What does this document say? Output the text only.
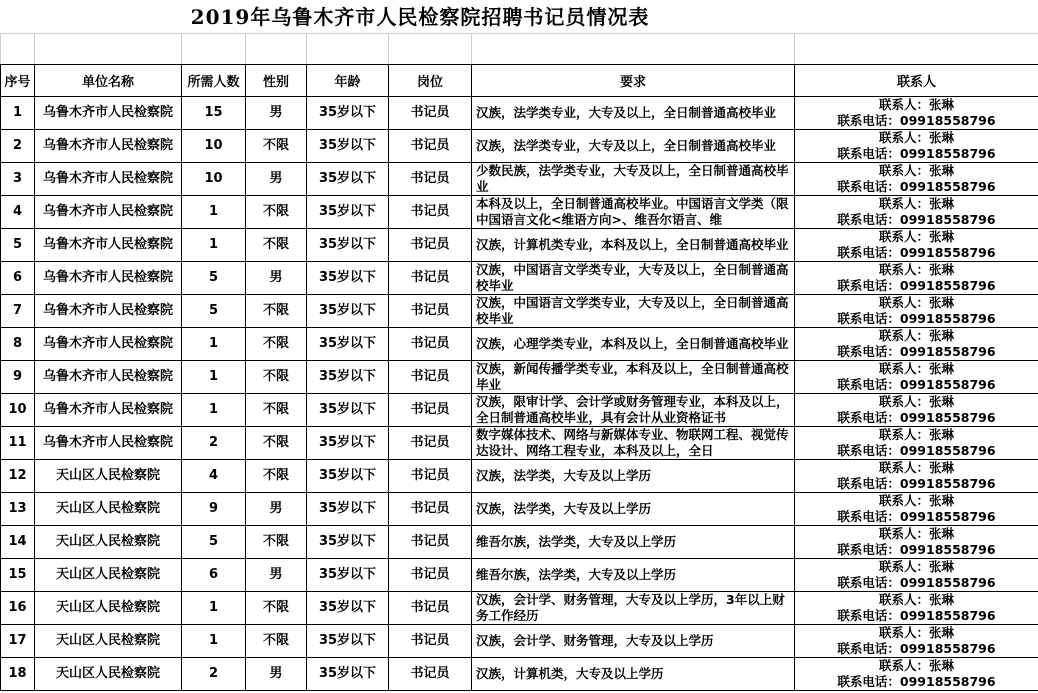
2019年乌鲁木齐市人民检察院招聘书记员情况表

序号	单位名称	所需人数	性别	年龄	岗位	要求	联系人
1	乌鲁木齐市人民检察院	15	男	35岁以下	书记员	汉族，法学类专业，大专及以上，全日制普通高校毕业	联系人：张琳
联系电话：09918558796

2	乌鲁木齐市人民检察院	10	不限	35岁以下	书记员	汉族，法学类专业，大专及以上，全日制普通高校毕业	联系人：张琳
联系电话：09918558796

3	乌鲁木齐市人民检察院	10	男	35岁以下	书记员	少数民族，法学类专业，大专及以上，全日制普通高校毕业	联系人：张琳
联系电话：09918558796

4	乌鲁木齐市人民检察院	1	不限	35岁以下	书记员	本科及以上，全日制普通高校毕业。中国语言文学类（限中国语言文化<维语方向>、维吾尔语言、维	联系人：张琳
联系电话：09918558796

5	乌鲁木齐市人民检察院	1	不限	35岁以下	书记员	汉族，计算机类专业，本科及以上，全日制普通高校毕业	联系人：张琳
联系电话：09918558796

6	乌鲁木齐市人民检察院	5	男	35岁以下	书记员	汉族，中国语言文学类专业，大专及以上，全日制普通高校毕业	联系人：张琳
联系电话：09918558796

7	乌鲁木齐市人民检察院	5	不限	35岁以下	书记员	汉族，中国语言文学类专业，大专及以上，全日制普通高校毕业	联系人：张琳
联系电话：09918558796

8	乌鲁木齐市人民检察院	1	不限	35岁以下	书记员	汉族，心理学类专业，本科及以上，全日制普通高校毕业	联系人：张琳
联系电话：09918558796

9	乌鲁木齐市人民检察院	1	不限	35岁以下	书记员	汉族，新闻传播学类专业，本科及以上，全日制普通高校毕业	联系人：张琳
联系电话：09918558796

10	乌鲁木齐市人民检察院	1	不限	35岁以下	书记员	汉族，限审计学、会计学或财务管理专业，本科及以上，全日制普通高校毕业，具有会计从业资格证书	联系人：张琳
联系电话：09918558796

11	乌鲁木齐市人民检察院	2	不限	35岁以下	书记员	数字媒体技术、网络与新媒体专业、物联网工程、视觉传达设计、网络工程专业，本科及以上，全日	联系人：张琳
联系电话：09918558796

12	天山区人民检察院	4	不限	35岁以下	书记员	汉族，法学类，大专及以上学历	联系人：张琳
联系电话：09918558796

13	天山区人民检察院	9	男	35岁以下	书记员	汉族，法学类，大专及以上学历	联系人：张琳
联系电话：09918558796

14	天山区人民检察院	5	不限	35岁以下	书记员	维吾尔族，法学类，大专及以上学历	联系人：张琳
联系电话：09918558796

15	天山区人民检察院	6	男	35岁以下	书记员	维吾尔族，法学类，大专及以上学历	联系人：张琳
联系电话：09918558796

16	天山区人民检察院	1	不限	35岁以下	书记员	汉族，会计学、财务管理，大专及以上学历，3年以上财务工作经历	联系人：张琳
联系电话：09918558796

17	天山区人民检察院	1	不限	35岁以下	书记员	汉族，会计学、财务管理，大专及以上学历	联系人：张琳
联系电话：09918558796

18	天山区人民检察院	2	男	35岁以下	书记员	汉族，计算机类，大专及以上学历	联系人：张琳
联系电话：09918558796
